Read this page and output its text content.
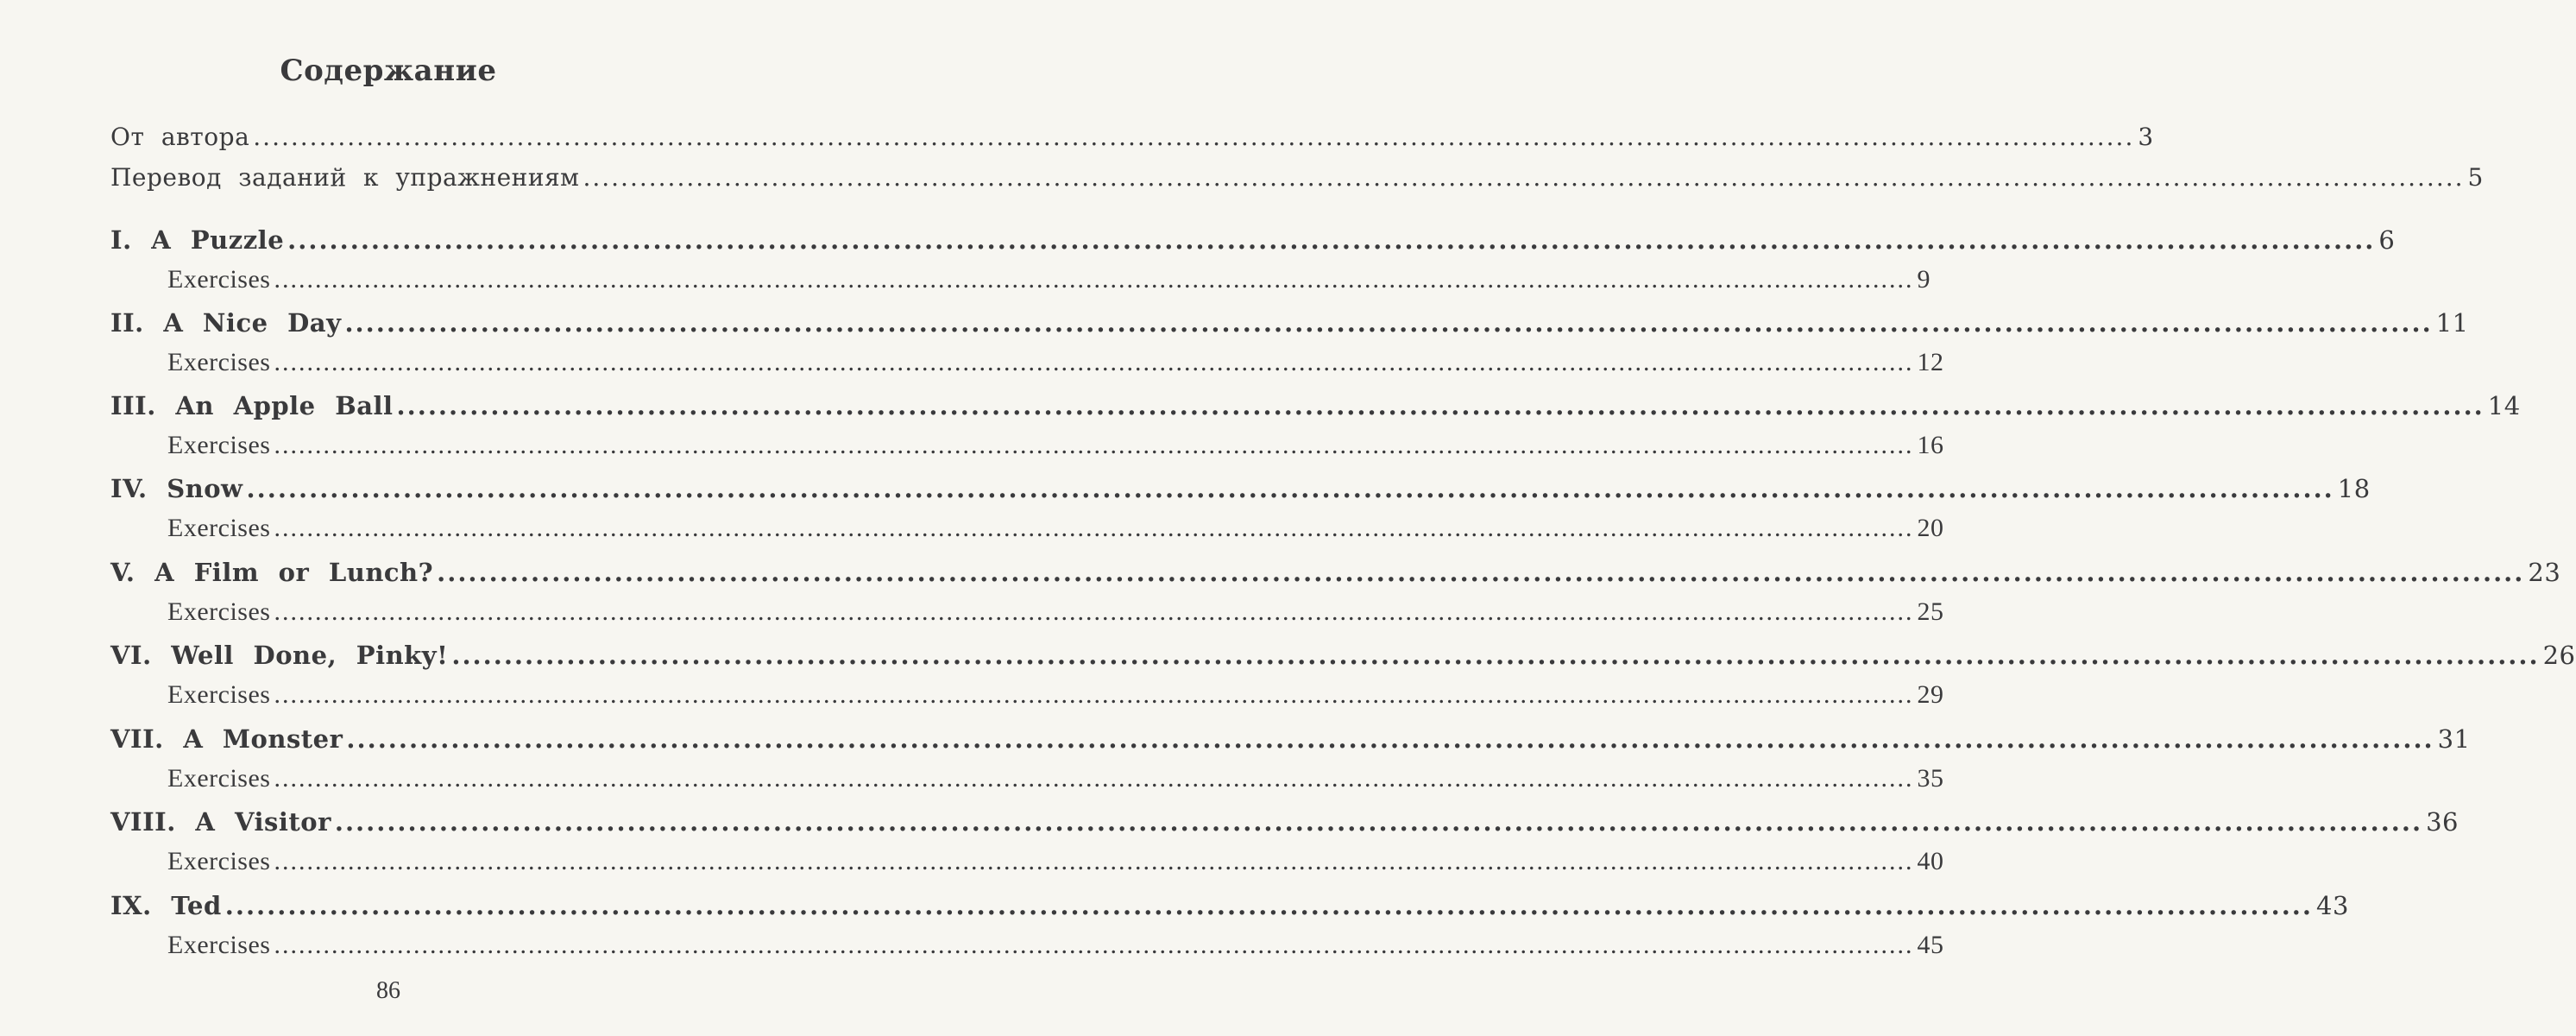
Содержание
От автора ........................................................................................................................................................................................................ 3
Перевод заданий к упражнениям ........................................................................................................................................................................................................ 5
I. A Puzzle ........................................................................................................................................................................................................ 6
Exercises ........................................................................................................................................................................................................ 9
II. A Nice Day ........................................................................................................................................................................................................ 11
Exercises ........................................................................................................................................................................................................ 12
III. An Apple Ball ........................................................................................................................................................................................................ 14
Exercises ........................................................................................................................................................................................................ 16
IV. Snow ........................................................................................................................................................................................................ 18
Exercises ........................................................................................................................................................................................................ 20
V. A Film or Lunch? ........................................................................................................................................................................................................ 23
Exercises ........................................................................................................................................................................................................ 25
VI. Well Done, Pinky! ........................................................................................................................................................................................................ 26
Exercises ........................................................................................................................................................................................................ 29
VII. A Monster ........................................................................................................................................................................................................ 31
Exercises ........................................................................................................................................................................................................ 35
VIII. A Visitor ........................................................................................................................................................................................................ 36
Exercises ........................................................................................................................................................................................................ 40
IX. Ted ........................................................................................................................................................................................................ 43
Exercises ........................................................................................................................................................................................................ 45
86
